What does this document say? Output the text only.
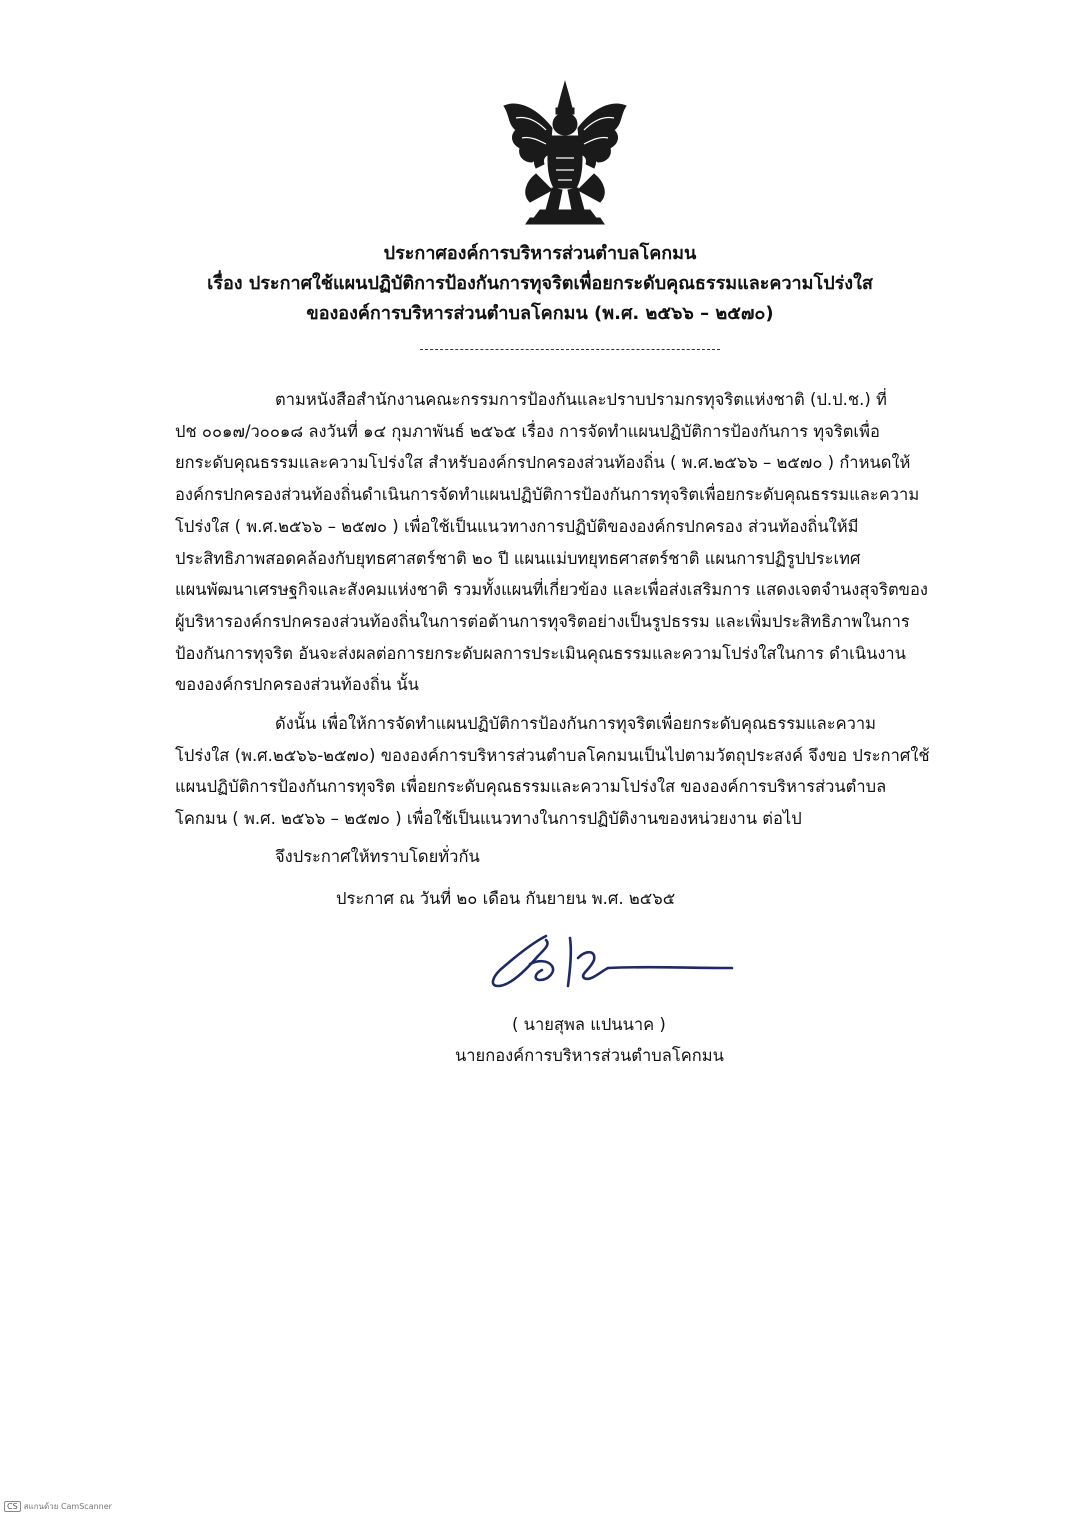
ประกาศองค์การบริหารส่วนตำบลโคกมน
เรื่อง ประกาศใช้แผนปฏิบัติการป้องกันการทุจริตเพื่อยกระดับคุณธรรมและความโปร่งใส
ขององค์การบริหารส่วนตำบลโคกมน (พ.ศ. ๒๕๖๖ – ๒๕๗๐)
ตามหนังสือสำนักงานคณะกรรมการป้องกันและปราบปรามกรทุจริตแห่งชาติ (ป.ป.ช.) ที่
ปช ๐๐๑๗/ว๐๐๑๘ ลงวันที่ ๑๔ กุมภาพันธ์ ๒๕๖๕ เรื่อง การจัดทำแผนปฏิบัติการป้องกันการ ทุจริตเพื่อ
ยกระดับคุณธรรมและความโปร่งใส สำหรับองค์กรปกครองส่วนท้องถิ่น ( พ.ศ.๒๕๖๖ – ๒๕๗๐ ) กำหนดให้
องค์กรปกครองส่วนท้องถิ่นดำเนินการจัดทำแผนปฏิบัติการป้องกันการทุจริตเพื่อยกระดับคุณธรรมและความ
โปร่งใส ( พ.ศ.๒๕๖๖ – ๒๕๗๐ ) เพื่อใช้เป็นแนวทางการปฏิบัติขององค์กรปกครอง ส่วนท้องถิ่นให้มี
ประสิทธิภาพสอดคล้องกับยุทธศาสตร์ชาติ ๒๐ ปี แผนแม่บทยุทธศาสตร์ชาติ แผนการปฏิรูปประเทศ
แผนพัฒนาเศรษฐกิจและสังคมแห่งชาติ รวมทั้งแผนที่เกี่ยวข้อง และเพื่อส่งเสริมการ แสดงเจตจำนงสุจริตของ
ผู้บริหารองค์กรปกครองส่วนท้องถิ่นในการต่อต้านการทุจริตอย่างเป็นรูปธรรม และเพิ่มประสิทธิภาพในการ
ป้องกันการทุจริต อันจะส่งผลต่อการยกระดับผลการประเมินคุณธรรมและความโปร่งใสในการ ดำเนินงาน
ขององค์กรปกครองส่วนท้องถิ่น นั้น
ดังนั้น เพื่อให้การจัดทำแผนปฏิบัติการป้องกันการทุจริตเพื่อยกระดับคุณธรรมและความ
โปร่งใส (พ.ศ.๒๕๖๖-๒๕๗๐) ขององค์การบริหารส่วนตำบลโคกมนเป็นไปตามวัตถุประสงค์ จึงขอ ประกาศใช้
แผนปฏิบัติการป้องกันการทุจริต เพื่อยกระดับคุณธรรมและความโปร่งใส ขององค์การบริหารส่วนตำบล
โคกมน ( พ.ศ. ๒๕๖๖ – ๒๕๗๐ ) เพื่อใช้เป็นแนวทางในการปฏิบัติงานของหน่วยงาน ต่อไป
จึงประกาศให้ทราบโดยทั่วกัน
ประกาศ ณ วันที่ ๒๐ เดือน กันยายน พ.ศ. ๒๕๖๕
( นายสุพล แปนนาค )
นายกองค์การบริหารส่วนตำบลโคกมน
CS สแกนด้วย CamScanner
